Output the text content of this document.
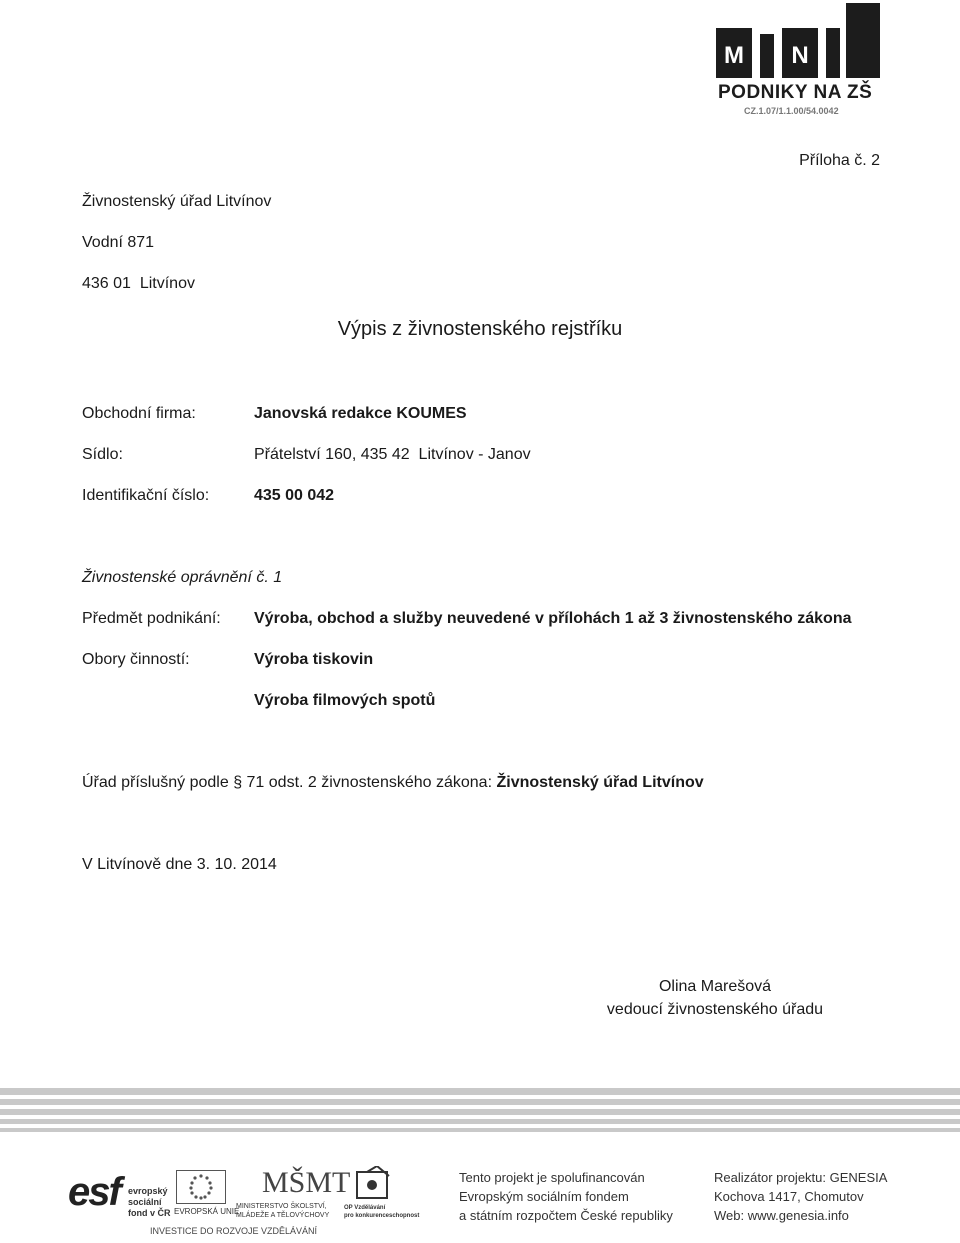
M	N
PODNIKY NA ZŠ
CZ.1.07/1.1.00/54.0042
Příloha č. 2
Živnostenský úřad Litvínov
Vodní 871
436 01  Litvínov
Výpis z živnostenského rejstříku
Obchodní firma:	Janovská redakce KOUMES
Sídlo:	Přátelství 160, 435 42  Litvínov - Janov
Identifikační číslo:	435 00 042
Živnostenské oprávnění č. 1
Předmět podnikání: Výroba, obchod a služby neuvedené v přílohách 1 až 3 živnostenského zákona
Obory činností:	Výroba tiskovin
Výroba filmových spotů
Úřad příslušný podle § 71 odst. 2 živnostenského zákona: Živnostenský úřad Litvínov
V Litvínově dne 3. 10. 2014
Olina Marešová
vedoucí živnostenského úřadu
esf evropský
sociální
fond v ČR EVROPSKÁ UNIE
MŠMT
MINISTERSTVO ŠKOLSTVÍ,
MLÁDEŽE A TĚLOVÝCHOVY
OP Vzdělávání
pro konkurenceschopnost
INVESTICE DO ROZVOJE VZDĚLÁVÁNÍ
Tento projekt je spolufinancován
Evropským sociálním fondem
a státním rozpočtem České republiky
Realizátor projektu: GENESIA
Kochova 1417, Chomutov
Web: www.genesia.info
